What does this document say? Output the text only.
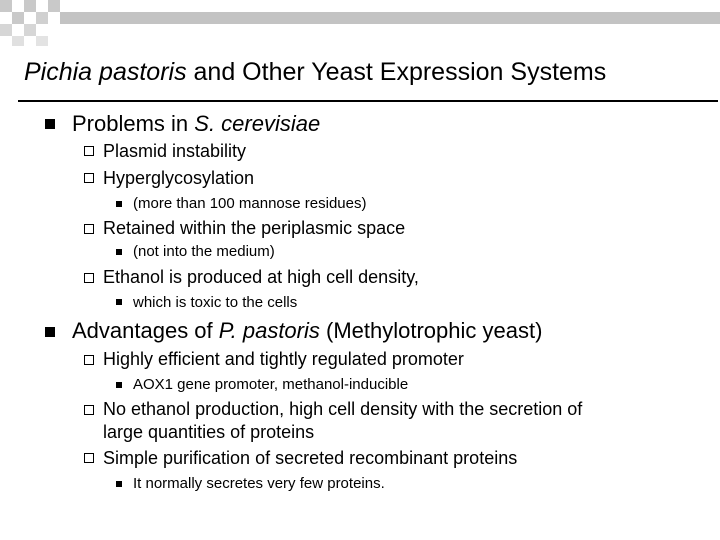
Pichia pastoris and Other Yeast Expression Systems
Problems in S. cerevisiae
Plasmid instability
Hyperglycosylation
(more than 100 mannose residues)
Retained within the periplasmic space
(not into the medium)
Ethanol is produced at high cell density,
which is toxic to the cells
Advantages of P. pastoris (Methylotrophic yeast)
Highly efficient and tightly regulated promoter
AOX1 gene promoter, methanol-inducible
No ethanol production, high cell density with the secretion of
large quantities of proteins
Simple purification of secreted recombinant proteins
It normally secretes very few proteins.
